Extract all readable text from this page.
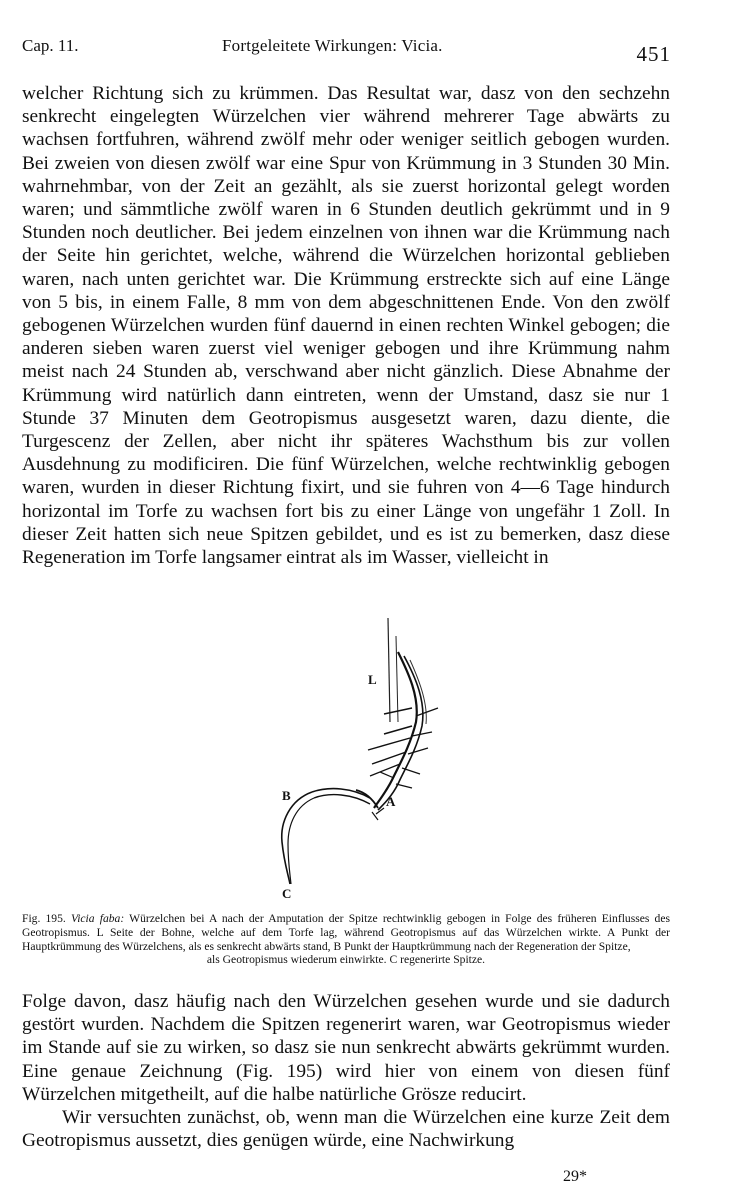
Cap. 11.	Fortgeleitete Wirkungen: Vicia.	451

welcher Richtung sich zu krümmen. Das Resultat war, dasz von den sechzehn senkrecht eingelegten Würzelchen vier während mehrerer Tage abwärts zu wachsen fortfuhren, während zwölf mehr oder weniger seitlich gebogen wurden. Bei zweien von diesen zwölf war eine Spur von Krümmung in 3 Stunden 30 Min. wahrnehmbar, von der Zeit an gezählt, als sie zuerst horizontal gelegt worden waren; und sämmtliche zwölf waren in 6 Stunden deutlich gekrümmt und in 9 Stunden noch deutlicher. Bei jedem einzelnen von ihnen war die Krümmung nach der Seite hin gerichtet, welche, während die Würzelchen horizontal geblieben waren, nach unten gerichtet war. Die Krümmung erstreckte sich auf eine Länge von 5 bis, in einem Falle, 8 mm von dem abgeschnittenen Ende. Von den zwölf gebogenen Würzelchen wurden fünf dauernd in einen rechten Winkel gebogen; die anderen sieben waren zuerst viel weniger gebogen und ihre Krümmung nahm meist nach 24 Stunden ab, verschwand aber nicht gänzlich. Diese Abnahme der Krümmung wird natürlich dann eintreten, wenn der Umstand, dasz sie nur 1 Stunde 37 Minuten dem Geotropismus ausgesetzt waren, dazu diente, die Turgescenz der Zellen, aber nicht ihr späteres Wachsthum bis zur vollen Ausdehnung zu modificiren. Die fünf Würzelchen, welche rechtwinklig gebogen waren, wurden in dieser Richtung fixirt, und sie fuhren von 4—6 Tage hindurch horizontal im Torfe zu wachsen fort bis zu einer Länge von ungefähr 1 Zoll. In dieser Zeit hatten sich neue Spitzen gebildet, und es ist zu bemerken, dasz diese Regeneration im Torfe langsamer eintrat als im Wasser, vielleicht in

L
A
B
C
Fig. 195. Vicia faba: Würzelchen bei A nach der Amputation der Spitze rechtwinklig gebogen in Folge des früheren Einflusses des Geotropismus. L Seite der Bohne, welche auf dem Torfe lag, während Geotropismus auf das Würzelchen wirkte. A Punkt der Hauptkrümmung des Würzelchens, als es senkrecht abwärts stand, B Punkt der Hauptkrümmung nach der Regeneration der Spitze,
als Geotropismus wiederum einwirkte. C regenerirte Spitze.

Folge davon, dasz häufig nach den Würzelchen gesehen wurde und sie dadurch gestört wurden. Nachdem die Spitzen regenerirt waren, war Geotropismus wieder im Stande auf sie zu wirken, so dasz sie nun senkrecht abwärts gekrümmt wurden. Eine genaue Zeichnung (Fig. 195) wird hier von einem von diesen fünf Würzelchen mitgetheilt, auf die halbe natürliche Grösze reducirt.

Wir versuchten zunächst, ob, wenn man die Würzelchen eine kurze Zeit dem Geotropismus aussetzt, dies genügen würde, eine Nachwirkung

29*
